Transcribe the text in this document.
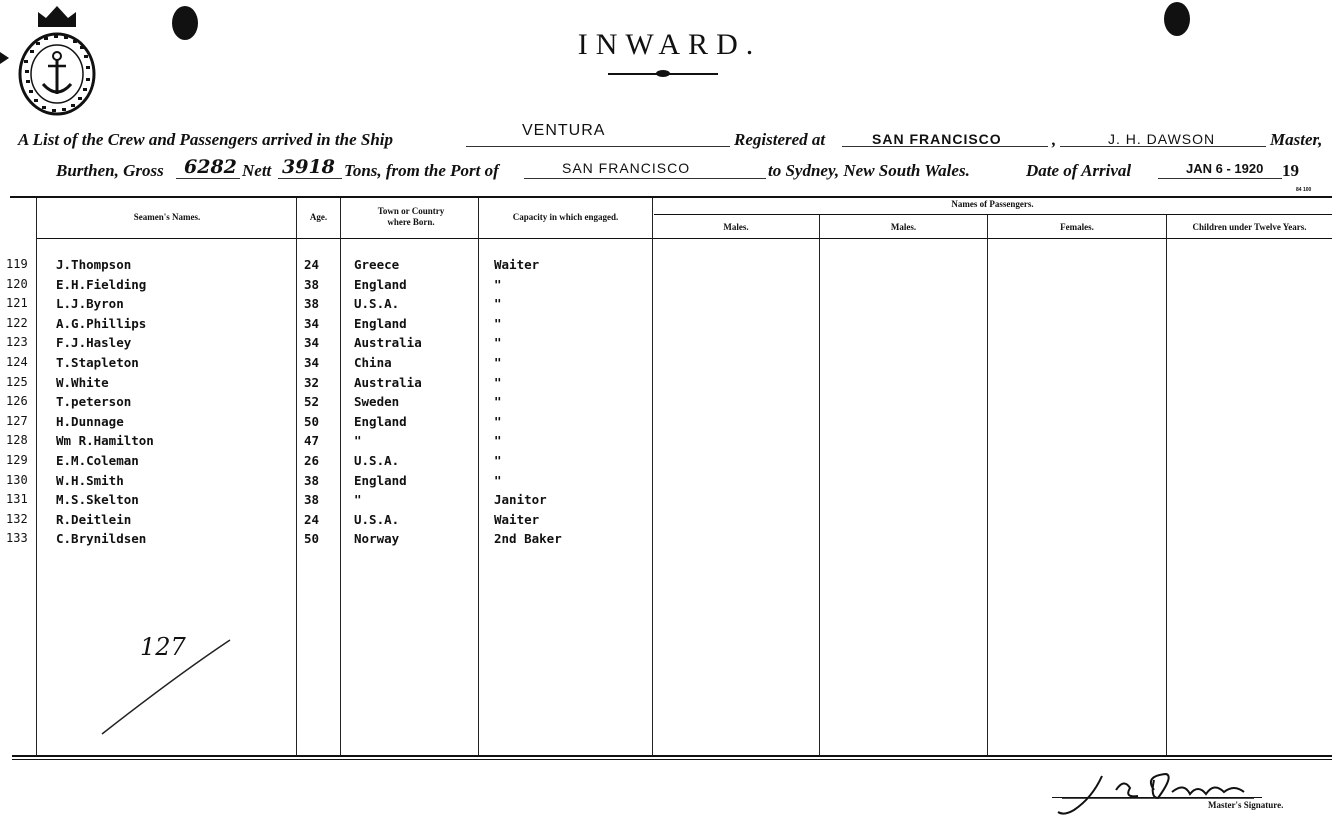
INWARD.
A List of the Crew and Passengers arrived in the Ship	VENTURA	Registered at	SAN FRANCISCO	,	J. H. DAWSON	Master,
Burthen, Gross 6282 Nett 3918 Tons, from the Port of	SAN FRANCISCO	to Sydney, New South Wales.	Date of Arrival	JAN 6 - 1920 19
84 100
Seamen's Names.	Age.
Town or Country where Born.	Capacity in which engaged.
Names of Passengers.
Males.	Males.	Females.	Children under Twelve Years.
119 J.Thompson	24	Greece	Waiter
120 E.H.Fielding	38	England	"
121 L.J.Byron	38	U.S.A.	"
122 A.G.Phillips	34	England	"
123 F.J.Hasley	34	Australia	"
124 T.Stapleton	34	China	"
125 W.White	32	Australia	"
126 T.peterson	52	Sweden	"
127 H.Dunnage	50	England	"
128 Wm R.Hamilton	47	"	"
129 E.M.Coleman	26	U.S.A.	"
130 W.H.Smith	38	England	"
131 M.S.Skelton	38	"	Janitor
132 R.Deitlein	24	U.S.A.	Waiter
133 C.Brynildsen	50	Norway	2nd Baker
127
Master's Signature.
